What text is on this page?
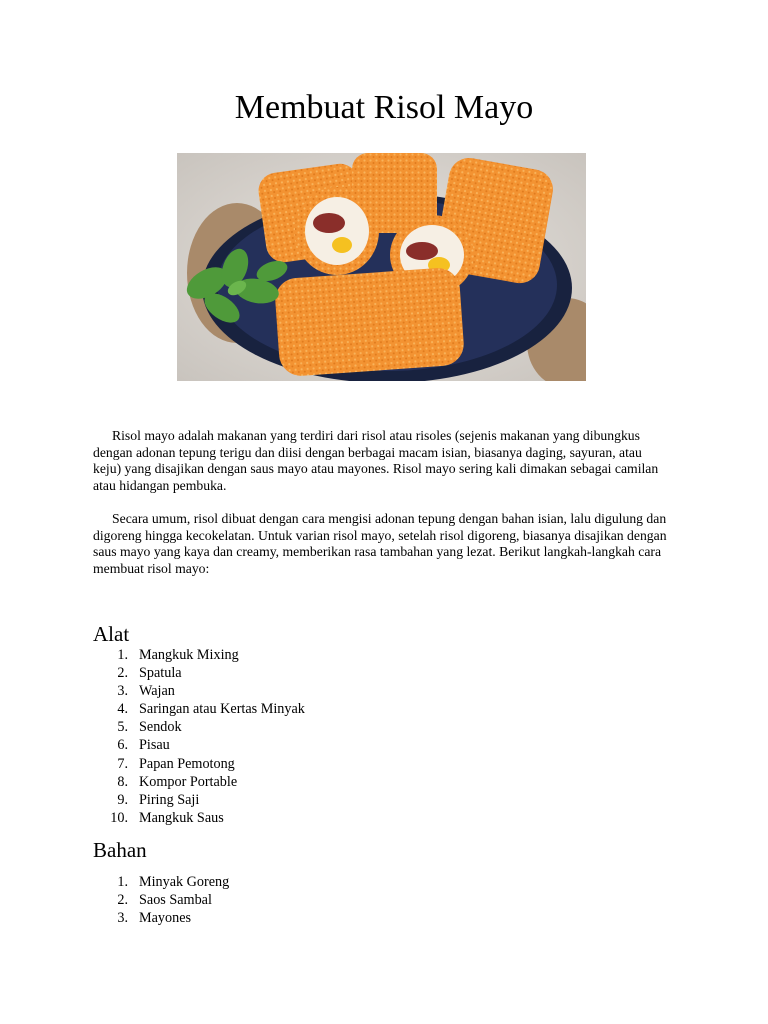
Membuat Risol Mayo

Risol mayo adalah makanan yang terdiri dari risol atau risoles (sejenis makanan yang dibungkus dengan adonan tepung terigu dan diisi dengan berbagai macam isian, biasanya daging, sayuran, atau keju) yang disajikan dengan saus mayo atau mayones. Risol mayo sering kali dimakan sebagai camilan atau hidangan pembuka.

Secara umum, risol dibuat dengan cara mengisi adonan tepung dengan bahan isian, lalu digulung dan digoreng hingga kecokelatan. Untuk varian risol mayo, setelah risol digoreng, biasanya disajikan dengan saus mayo yang kaya dan creamy, memberikan rasa tambahan yang lezat. Berikut langkah-langkah cara membuat risol mayo:

Alat
1. Mangkuk Mixing
2. Spatula
3. Wajan
4. Saringan atau Kertas Minyak
5. Sendok
6. Pisau
7. Papan Pemotong
8. Kompor Portable
9. Piring Saji
10. Mangkuk Saus
Bahan
1. Minyak Goreng
2. Saos Sambal
3. Mayones
